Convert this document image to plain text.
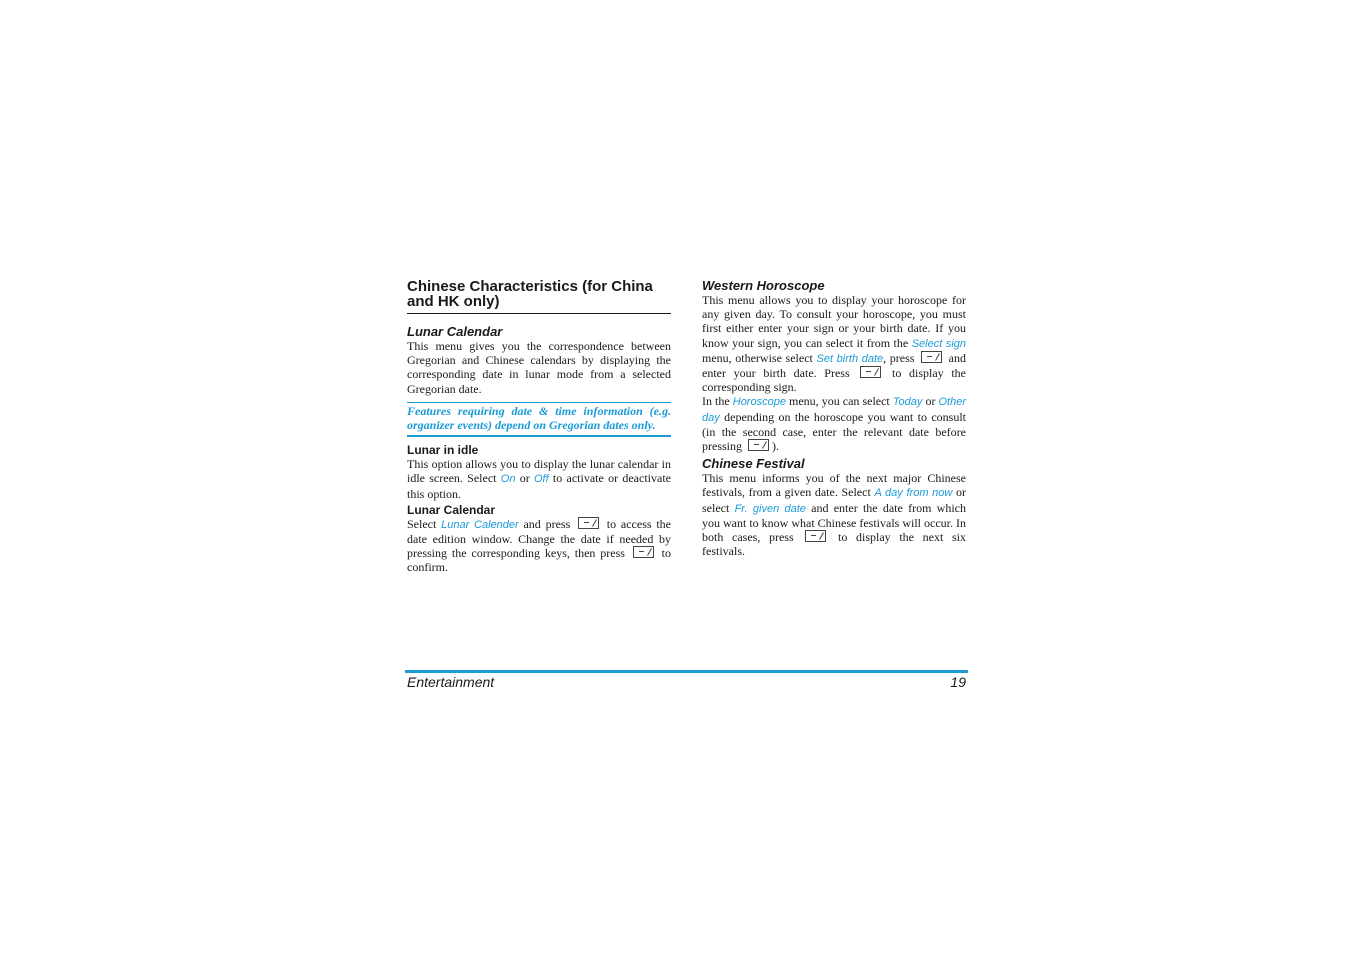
Chinese Characteristics (for China and HK only)
Lunar Calendar

This menu gives you the correspondence between Gregorian and Chinese calendars by displaying the corresponding date in lunar mode from a selected Gregorian date.

Features requiring date & time information (e.g. organizer events) depend on Gregorian dates only.
Lunar in idle

This option allows you to display the lunar calendar in idle screen. Select On or Off to activate or deactivate this option.

Lunar Calendar

Select Lunar Calender and press  to access the date edition window. Change the date if needed by pressing the corresponding keys, then press  to confirm.

Western Horoscope

This menu allows you to display your horoscope for any given day. To consult your horoscope, you must first either enter your sign or your birth date. If you know your sign, you can select it from the Select sign menu, otherwise select Set birth date, press  and enter your birth date. Press  to display the corresponding sign.

In the Horoscope menu, you can select Today or Other day depending on the horoscope you want to consult (in the second case, enter the relevant date before pressing ).

Chinese Festival

This menu informs you of the next major Chinese festivals, from a given date. Select A day from now or select Fr. given date and enter the date from which you want to know what Chinese festivals will occur. In both cases, press  to display the next six festivals.

Entertainment	19
